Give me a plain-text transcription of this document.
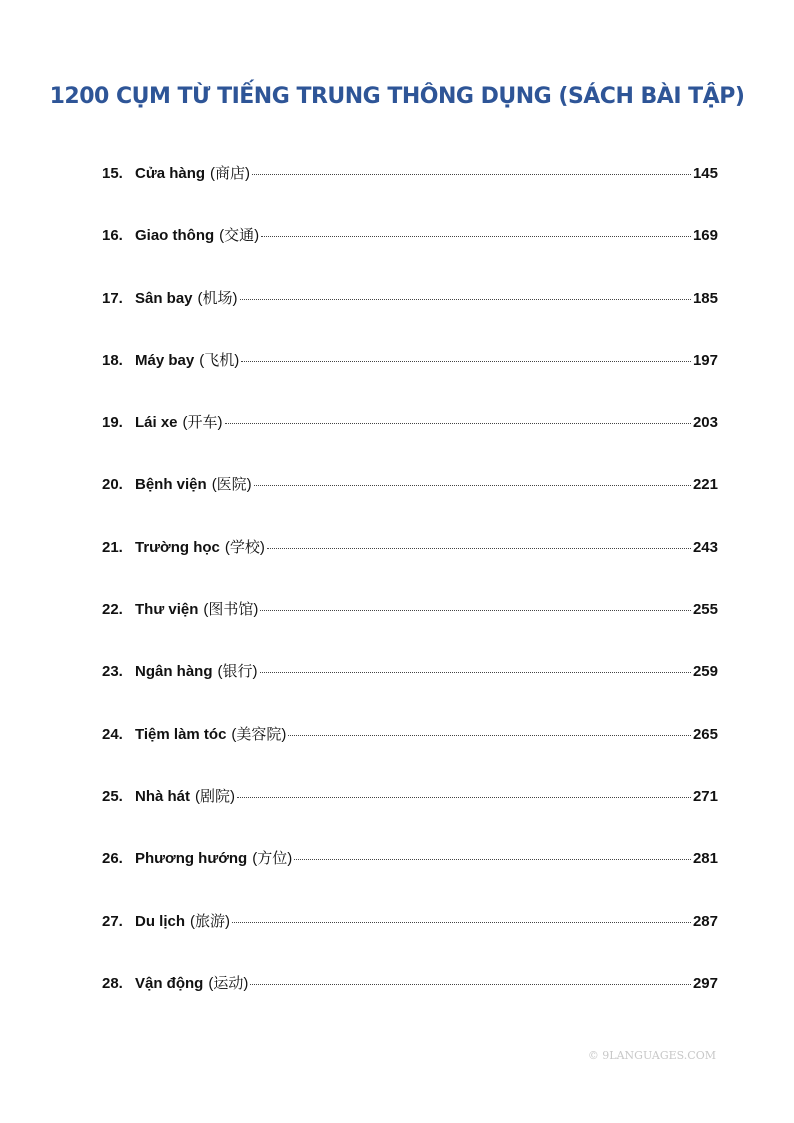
1200 CỤM TỪ TIẾNG TRUNG THÔNG DỤNG (SÁCH BÀI TẬP)
15. Cửa hàng (商店)	145
16. Giao thông (交通)	169
17. Sân bay (机场)	185
18. Máy bay (飞机)	197
19. Lái xe (开车)	203
20. Bệnh viện (医院)	221
21. Trường học (学校)	243
22. Thư viện (图书馆)	255
23. Ngân hàng (银行)	259
24. Tiệm làm tóc (美容院)	265
25. Nhà hát (剧院)	271
26. Phương hướng (方位)	281
27. Du lịch (旅游)	287
28. Vận động (运动)	297
© 9LANGUAGES.COM
